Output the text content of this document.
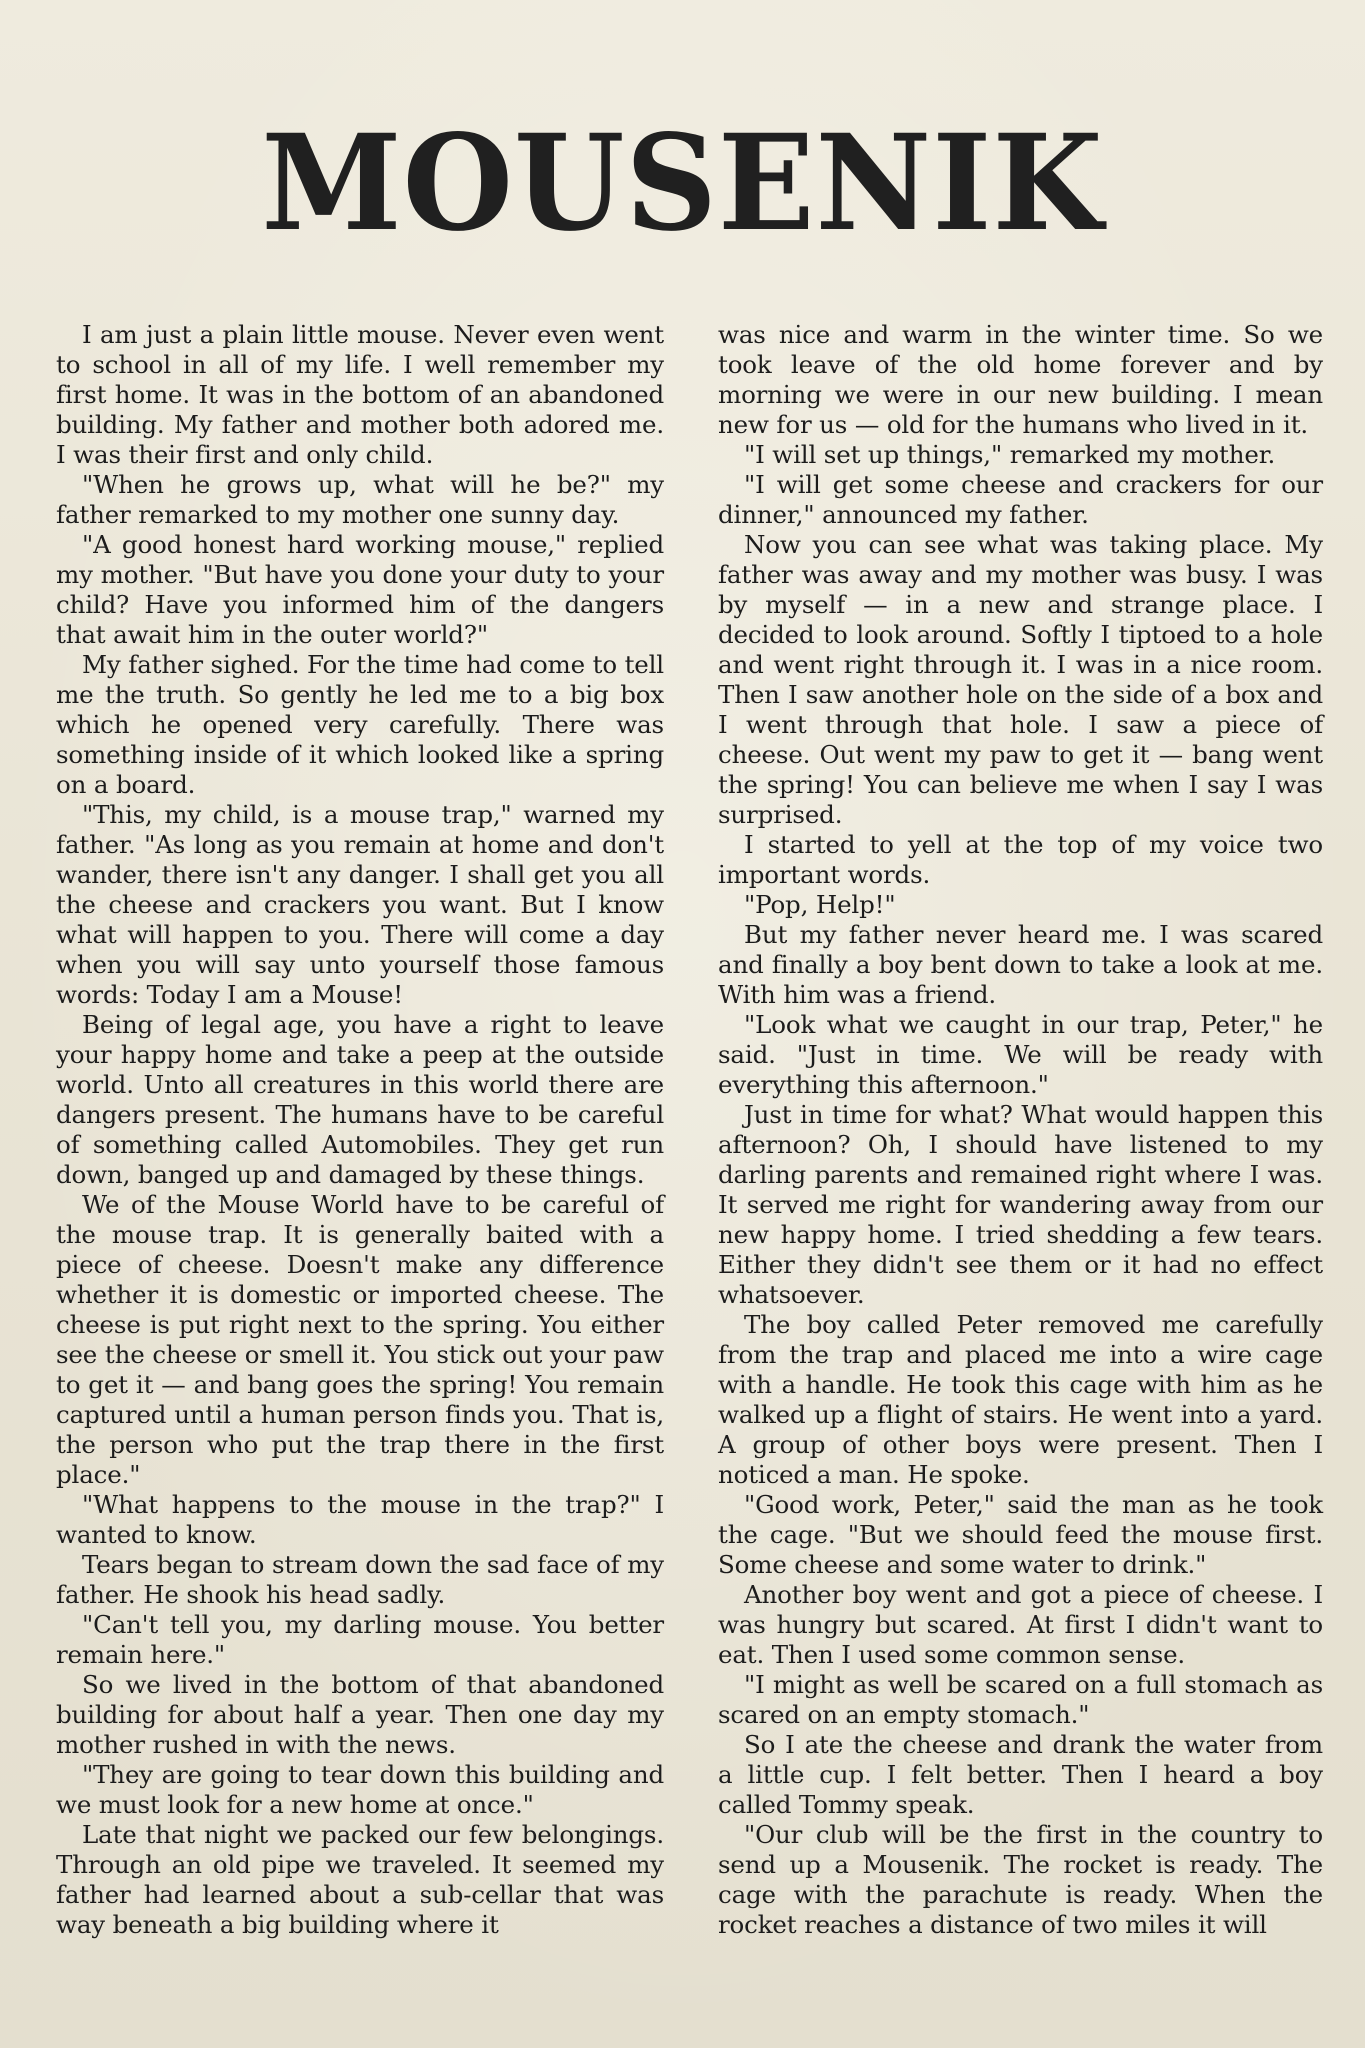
MOUSENIK

I am just a plain little mouse. Never even went to school in all of my life. I well remember my first home. It was in the bottom of an abandoned building. My father and mother both adored me. I was their first and only child.

"When he grows up, what will he be?" my father remarked to my mother one sunny day.

"A good honest hard working mouse," replied my mother. "But have you done your duty to your child? Have you informed him of the dangers that await him in the outer world?"

My father sighed. For the time had come to tell me the truth. So gently he led me to a big box which he opened very carefully. There was something inside of it which looked like a spring on a board.

"This, my child, is a mouse trap," warned my father. "As long as you remain at home and don't wander, there isn't any danger. I shall get you all the cheese and crackers you want. But I know what will happen to you. There will come a day when you will say unto yourself those famous words: Today I am a Mouse!

Being of legal age, you have a right to leave your happy home and take a peep at the outside world. Unto all creatures in this world there are dangers present. The humans have to be careful of something called Automobiles. They get run down, banged up and damaged by these things.

We of the Mouse World have to be careful of the mouse trap. It is generally baited with a piece of cheese. Doesn't make any difference whether it is domestic or imported cheese. The cheese is put right next to the spring. You either see the cheese or smell it. You stick out your paw to get it — and bang goes the spring! You remain captured until a human person finds you. That is, the person who put the trap there in the first place."

"What happens to the mouse in the trap?" I wanted to know.

Tears began to stream down the sad face of my father. He shook his head sadly.

"Can't tell you, my darling mouse. You better remain here."

So we lived in the bottom of that abandoned building for about half a year. Then one day my mother rushed in with the news.

"They are going to tear down this building and we must look for a new home at once."

Late that night we packed our few belongings. Through an old pipe we traveled. It seemed my father had learned about a sub-cellar that was way beneath a big building where it

was nice and warm in the winter time. So we took leave of the old home forever and by morning we were in our new building. I mean new for us — old for the humans who lived in it.

"I will set up things," remarked my mother.

"I will get some cheese and crackers for our dinner," announced my father.

Now you can see what was taking place. My father was away and my mother was busy. I was by myself — in a new and strange place. I decided to look around. Softly I tiptoed to a hole and went right through it. I was in a nice room. Then I saw another hole on the side of a box and I went through that hole. I saw a piece of cheese. Out went my paw to get it — bang went the spring! You can believe me when I say I was surprised.

I started to yell at the top of my voice two important words.

"Pop, Help!"

But my father never heard me. I was scared and finally a boy bent down to take a look at me. With him was a friend.

"Look what we caught in our trap, Peter," he said. "Just in time. We will be ready with everything this afternoon."

Just in time for what? What would happen this afternoon? Oh, I should have listened to my darling parents and remained right where I was. It served me right for wandering away from our new happy home. I tried shedding a few tears. Either they didn't see them or it had no effect whatsoever.

The boy called Peter removed me carefully from the trap and placed me into a wire cage with a handle. He took this cage with him as he walked up a flight of stairs. He went into a yard. A group of other boys were present. Then I noticed a man. He spoke.

"Good work, Peter," said the man as he took the cage. "But we should feed the mouse first. Some cheese and some water to drink."

Another boy went and got a piece of cheese. I was hungry but scared. At first I didn't want to eat. Then I used some common sense.

"I might as well be scared on a full stomach as scared on an empty stomach."

So I ate the cheese and drank the water from a little cup. I felt better. Then I heard a boy called Tommy speak.

"Our club will be the first in the country to send up a Mousenik. The rocket is ready. The cage with the parachute is ready. When the rocket reaches a distance of two miles it will
